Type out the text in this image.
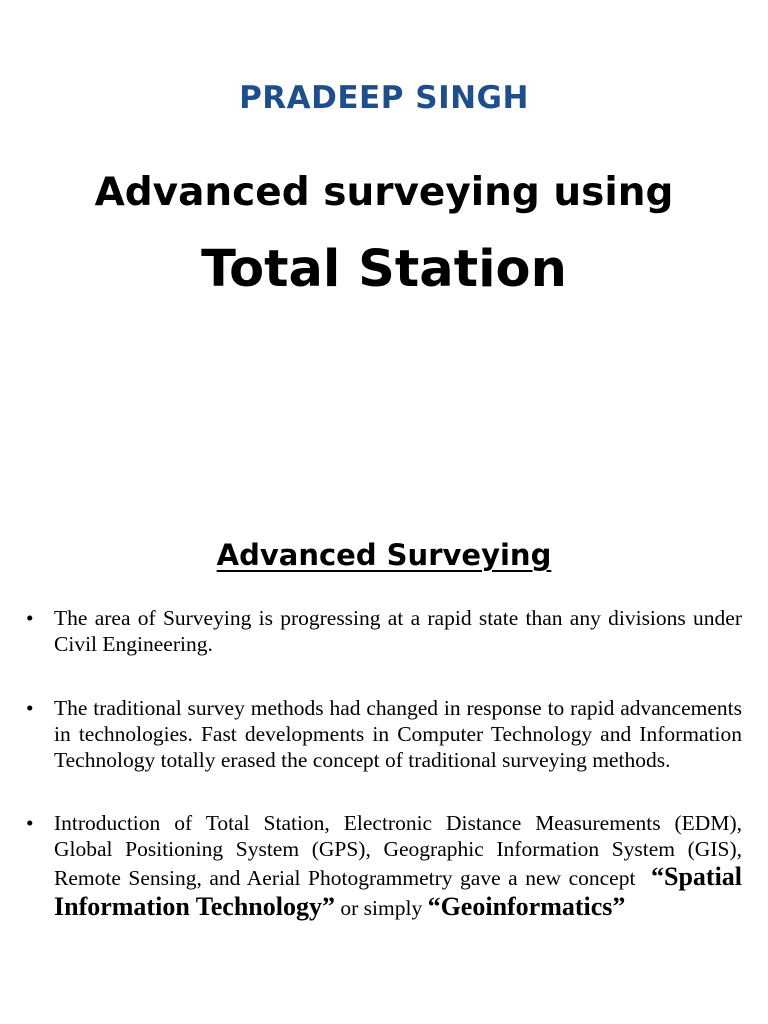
PRADEEP SINGH
Advanced surveying using
Total Station
Advanced Surveying
• The area of Surveying is progressing at a rapid state than any divisions under Civil Engineering.
• The traditional survey methods had changed in response to rapid advancements in technologies. Fast developments in Computer Technology and Information Technology totally erased the concept of traditional surveying methods.
• Introduction of Total Station, Electronic Distance Measurements (EDM), Global Positioning System (GPS), Geographic Information System (GIS), Remote Sensing, and Aerial Photogrammetry gave a new concept “Spatial Information Technology” or simply “Geoinformatics”
